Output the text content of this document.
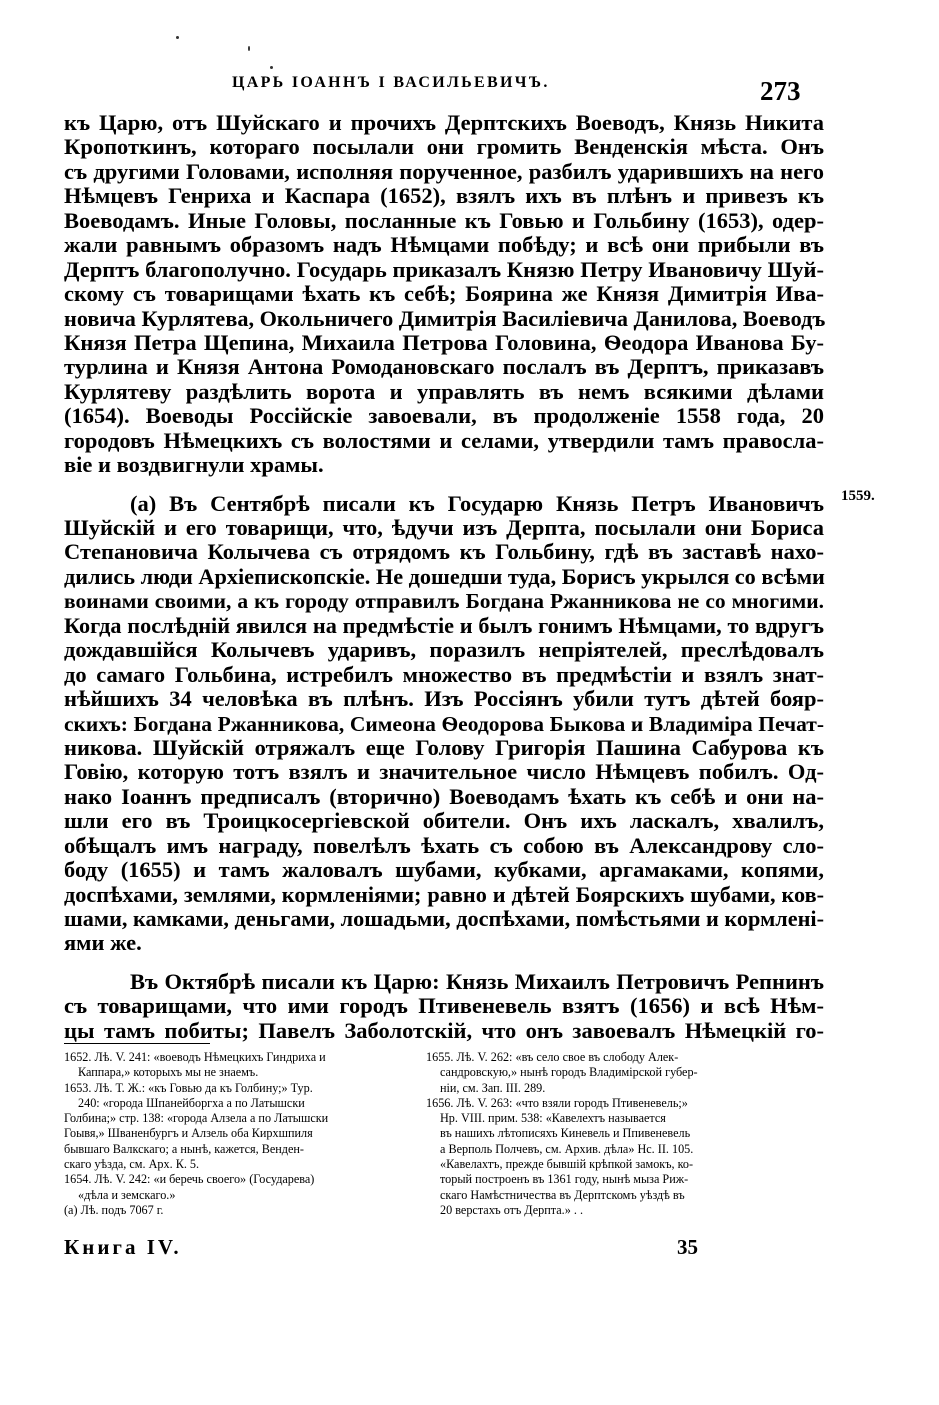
ЦАРЬ ІОАННЪ І ВАСИЛЬЕВИЧЪ.	273
къ Царю, отъ Шуйскаго и прочихъ Дерптскихъ Воеводъ, Князь Никита
Кропоткинъ, котораго посылали они громить Венденскія мѣста. Онъ
съ другими Головами, исполняя порученное, разбилъ ударившихъ на него
Нѣмцевъ Генриха и Каспара (1652), взялъ ихъ въ плѣнъ и привезъ къ
Воеводамъ. Иные Головы, посланные къ Говью и Гольбину (1653), одер-
жали равнымъ образомъ надъ Нѣмцами побѣду; и всѣ они прибыли въ
Дерптъ благополучно. Государь приказалъ Князю Петру Ивановичу Шуй-
скому съ товарищами ѣхать къ себѣ; Боярина же Князя Димитрія Ива-
новича Курлятева, Окольничего Димитрія Василіевича Данилова, Воеводъ
Князя Петра Щепина, Михаила Петрова Головина, Ѳеодора Иванова Бу-
турлина и Князя Антона Ромодановскаго послалъ въ Дерптъ, приказавъ
Курлятеву раздѣлить ворота и управлять въ немъ всякими дѣлами
(1654). Воеводы Россійскіе завоевали, въ продолженіе 1558 года, 20
городовъ Нѣмецкихъ съ волостями и селами, утвердили тамъ правосла-
віе и воздвигнули храмы.
(а) Въ Сентябрѣ писали къ Государю Князь Петръ Ивановичъ
Шуйскій и его товарищи, что, ѣдучи изъ Дерпта, посылали они Бориса
Степановича Колычева съ отрядомъ къ Гольбину, гдѣ въ заставѣ нахо-
дились люди Архіепископскіе. Не дошедши туда, Борисъ укрылся со всѣми
воинами своими, а къ городу отправилъ Богдана Ржанникова не со многими.
Когда послѣдній явился на предмѣстіе и былъ гонимъ Нѣмцами, то вдругъ
дождавшійся Колычевъ ударивъ, поразилъ непріятелей, преслѣдовалъ
до самаго Гольбина, истребилъ множество въ предмѣстіи и взялъ знат-
нѣйшихъ 34 человѣка въ плѣнъ. Изъ Россіянъ убили тутъ дѣтей бояр-
скихъ: Богдана Ржанникова, Симеона Ѳеодорова Быкова и Владиміра Печат-
никова. Шуйскій отряжалъ еще Голову Григорія Пашина Сабурова къ
Говію, которую тотъ взялъ и значительное число Нѣмцевъ побилъ. Од-
нако Іоаннъ предписалъ (вторично) Воеводамъ ѣхать къ себѣ и они на-
шли его въ Троицкосергіевской обители. Онъ ихъ ласкалъ, хвалилъ,
обѣщалъ имъ награду, повелѣлъ ѣхать съ собою въ Александрову сло-
боду (1655) и тамъ жаловалъ шубами, кубками, аргамаками, копями,
доспѣхами, землями, кормленіями; равно и дѣтей Боярскихъ шубами, ков-
шами, камками, деньгами, лошадьми, доспѣхами, помѣстьями и кормлені-
ями же.
Въ Октябрѣ писали къ Царю: Князь Михаилъ Петровичъ Репнинъ
съ товарищами, что ими городъ Птивеневель взятъ (1656) и всѣ Нѣм-
цы тамъ побиты; Павелъ Заболотскій, что онъ завоевалъ Нѣмецкій го-
1559.
1652. Лѣ. V. 241: «воеводъ Нѣмецкихъ Гиндриха и
Каппара,» которыхъ мы не знаемъ.
1653. Лѣ. Т. Ж.: «къ Говью да къ Голбину;» Тур.
240: «города Шпанейборгха а по Латышски
Голбина;» стр. 138: «города Алзела а по Латышски
Гоывя,» Шваненбургъ и Алзель оба Кирхшпиля
бывшаго Валкскаго; а нынѣ, кажется, Венден-
скаго уѣзда, см. Арх. К. 5.
1654. Лѣ. V. 242: «и беречь своего» (Государева)
«дѣла и земскаго.»
(а) Лѣ. подъ 7067 г.
1655. Лѣ. V. 262: «въ село свое въ слободу Алек-
сандровскую,» нынѣ городъ Владимірской губер-
ніи, см. Зап. III. 289.
1656. Лѣ. V. 263: «что взяли городъ Птивеневель;»
Нр. VIII. прим. 538: «Кавелехтъ называется
въ нашихъ лѣтописяхъ Киневель и Ппивеневель
а Верполь Полчевъ, см. Архив. дѣла» Нс. II. 105.
«Кавелахтъ, прежде бывшій крѣпкой замокъ, ко-
торый построенъ въ 1361 году, нынѣ мыза Риж-
скаго Намѣстничества въ Дерптскомъ уѣздѣ въ
20 верстахъ отъ Дерпта.» . .
Книга IV.	35
